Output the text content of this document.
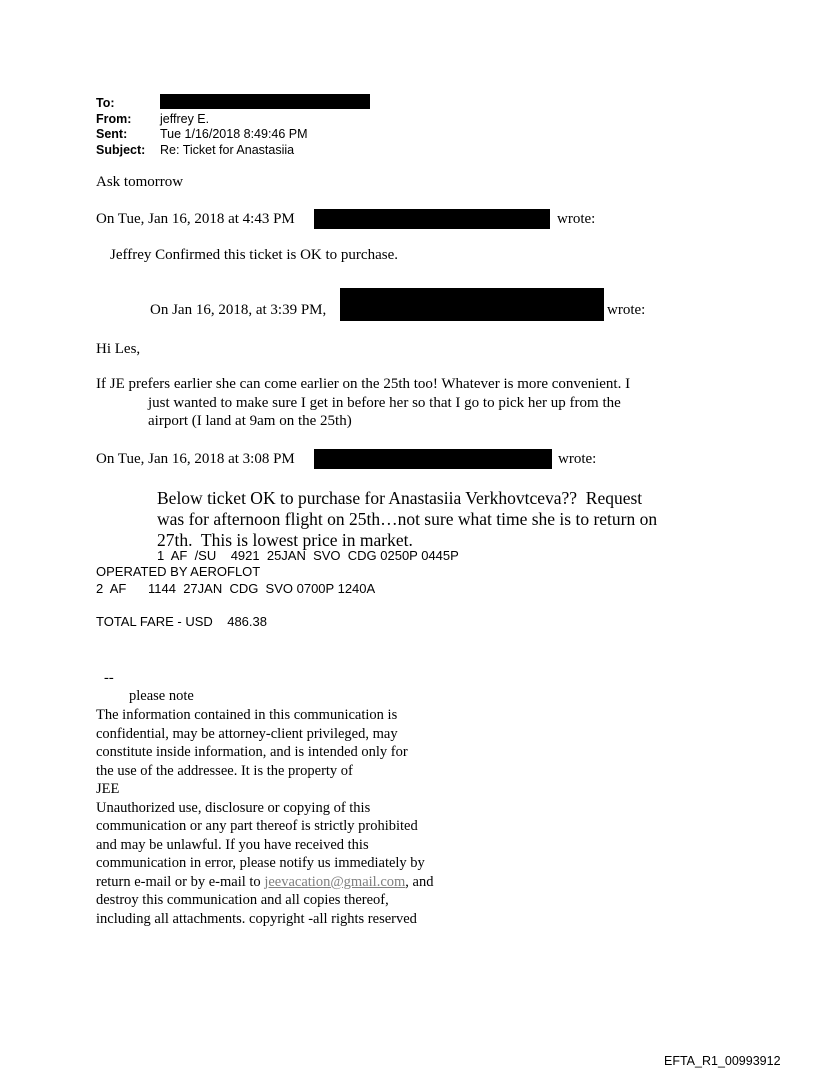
To:
From: jeffrey E.
Sent:	Tue 1/16/2018 8:49:46 PM
Subject: Re: Ticket for Anastasiia
Ask tomorrow
On Tue, Jan 16, 2018 at 4:43 PM	wrote:
Jeffrey Confirmed this ticket is OK to purchase.
On Jan 16, 2018, at 3:39 PM,	wrote:
Hi Les,
If JE prefers earlier she can come earlier on the 25th too! Whatever is more convenient. I
just wanted to make sure I get in before her so that I go to pick her up from the
airport (I land at 9am on the 25th)
On Tue, Jan 16, 2018 at 3:08 PM	wrote:
Below ticket OK to purchase for Anastasiia Verkhovtceva??  Request
was for afternoon flight on 25th…not sure what time she is to return on
27th.  This is lowest price in market.
1  AF  /SU    4921  25JAN  SVO  CDG 0250P 0445P
OPERATED BY AEROFLOT
2  AF      1144  27JAN  CDG  SVO 0700P 1240A
TOTAL FARE - USD    486.38
--
please note
The information contained in this communication is
confidential, may be attorney-client privileged, may
constitute inside information, and is intended only for
the use of the addressee. It is the property of
JEE
Unauthorized use, disclosure or copying of this
communication or any part thereof is strictly prohibited
and may be unlawful. If you have received this
communication in error, please notify us immediately by
return e-mail or by e-mail to jeevacation@gmail.com, and
destroy this communication and all copies thereof,
including all attachments. copyright -all rights reserved
EFTA_R1_00993912
